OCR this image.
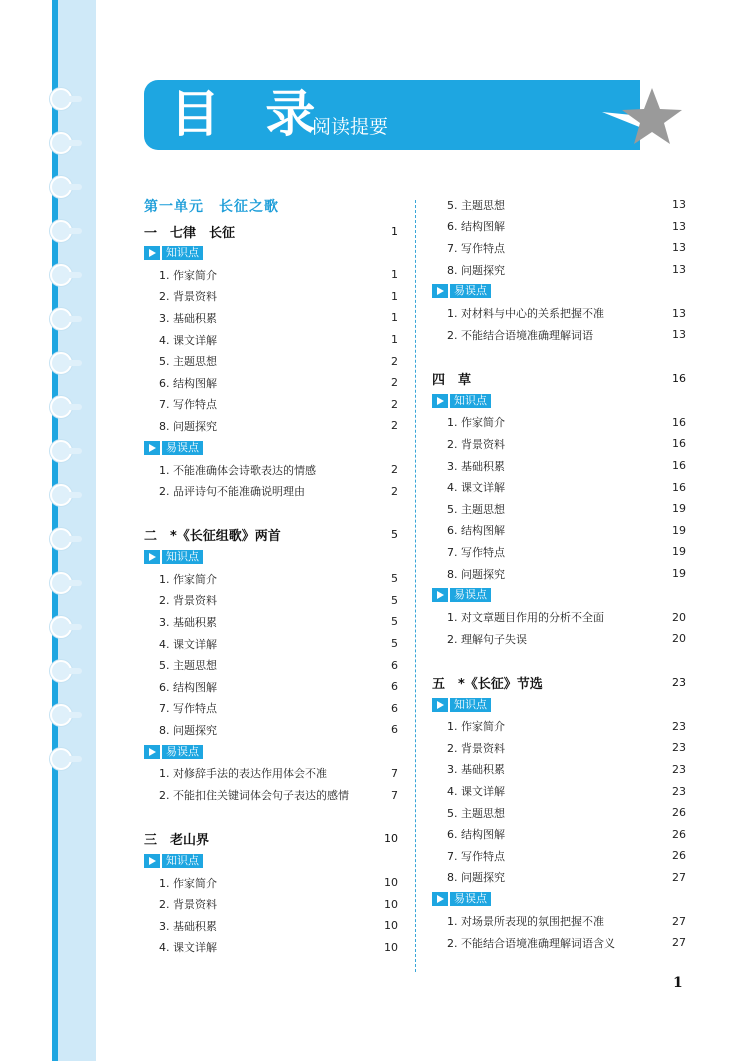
目 录
阅读提要
第一单元　长征之歌
一　七律　长征	1
知识点
1. 作家简介	1
2. 背景资料	1
3. 基础积累	1
4. 课文详解	1
5. 主题思想	2
6. 结构图解	2
7. 写作特点	2
8. 问题探究	2
易误点
1. 不能准确体会诗歌表达的情感	2
2. 品评诗句不能准确说明理由	2
二　*《长征组歌》两首	5
知识点
1. 作家简介	5
2. 背景资料	5
3. 基础积累	5
4. 课文详解	5
5. 主题思想	6
6. 结构图解	6
7. 写作特点	6
8. 问题探究	6
易误点
1. 对修辞手法的表达作用体会不准	7
2. 不能扣住关键词体会句子表达的感情	7
三　老山界	10
知识点
1. 作家简介	10
2. 背景资料	10
3. 基础积累	10
4. 课文详解	10
5. 主题思想	13
6. 结构图解	13
7. 写作特点	13
8. 问题探究	13
易误点
1. 对材料与中心的关系把握不准	13
2. 不能结合语境准确理解词语	13
四　草	16
知识点
1. 作家简介	16
2. 背景资料	16
3. 基础积累	16
4. 课文详解	16
5. 主题思想	19
6. 结构图解	19
7. 写作特点	19
8. 问题探究	19
易误点
1. 对文章题目作用的分析不全面	20
2. 理解句子失误	20
五　*《长征》节选	23
知识点
1. 作家简介	23
2. 背景资料	23
3. 基础积累	23
4. 课文详解	23
5. 主题思想	26
6. 结构图解	26
7. 写作特点	26
8. 问题探究	27
易误点
1. 对场景所表现的氛围把握不准	27
2. 不能结合语境准确理解词语含义	27
1
